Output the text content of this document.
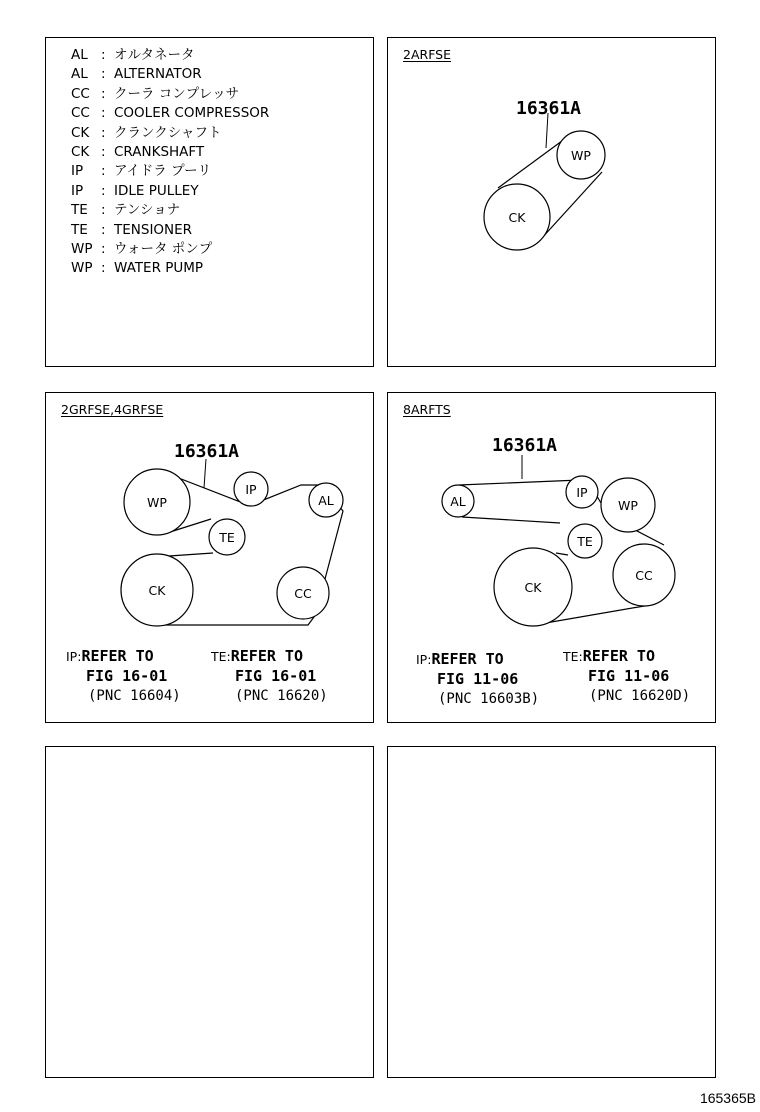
AL : オルタネータ
AL : ALTERNATOR
CC : クーラ コンプレッサ
CC : COOLER COMPRESSOR
CK : クランクシャフト
CK : CRANKSHAFT
IP	: アイドラ プーリ
IP	: IDLE PULLEY
TE : テンショナ
TE : TENSIONER
WP : ウォータ ポンプ
WP : WATER PUMP
2ARFSE
16361A
WP
CK
2GRFSE,4GRFSE
16361A
WP
IP
AL
TE
CK	CC
IP:REFER TO
FIG 16-01
(PNC 16604)
TE:REFER TO
FIG 16-01
(PNC 16620)
8ARFTS
16361A
AL
IP
WP
TE
CK
CC
IP:REFER TO
FIG 11-06
(PNC 16603B)
TE:REFER TO
FIG 11-06
(PNC 16620D)
165365B
